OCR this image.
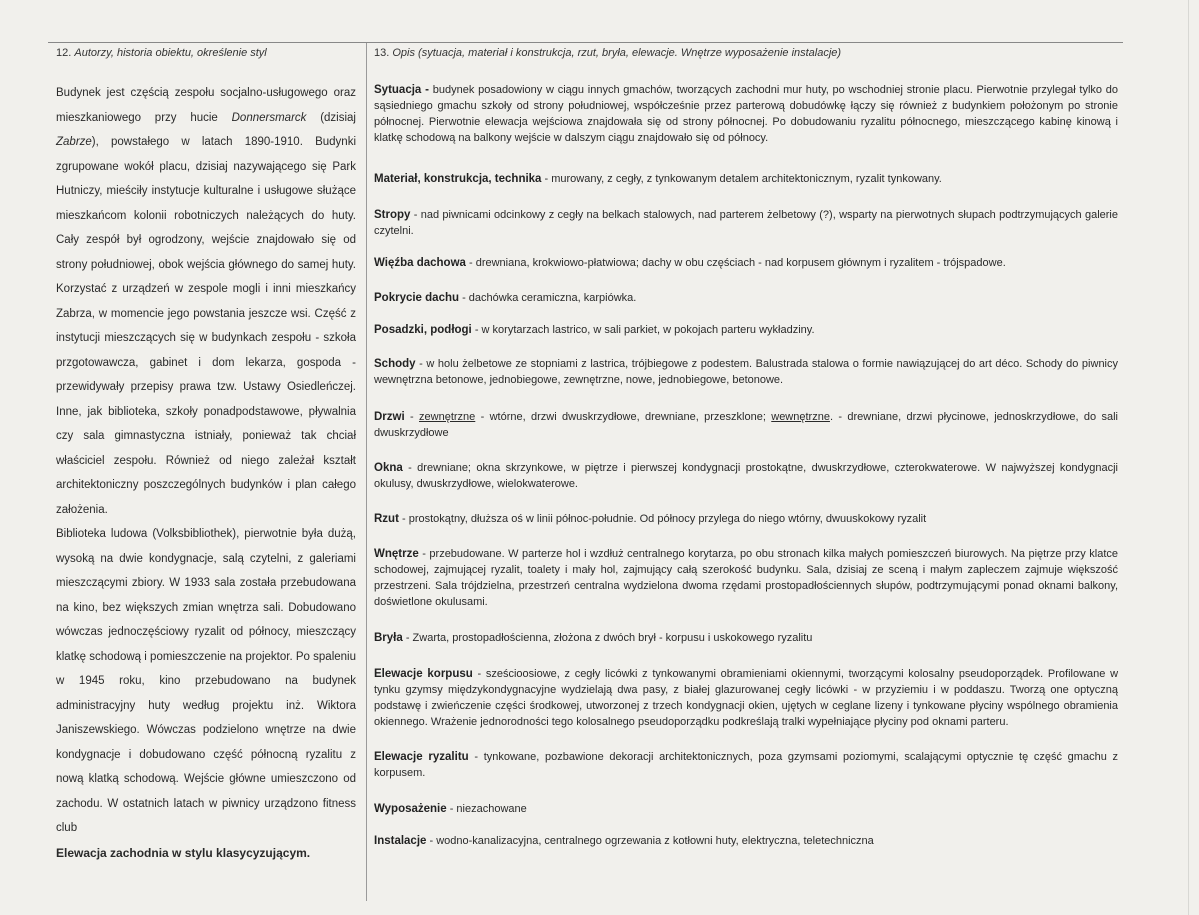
12. Autorzy, historia obiektu, określenie styl

Budynek jest częścią zespołu socjalno-usługowego oraz mieszkaniowego przy hucie Donnersmarck (dzisiaj Zabrze), powstałego w latach 1890-1910. Budynki zgrupowane wokół placu, dzisiaj nazywającego się Park Hutniczy, mieściły instytucje kulturalne i usługowe służące mieszkańcom kolonii robotniczych należących do huty. Cały zespół był ogrodzony, wejście znajdowało się od strony południowej, obok wejścia głównego do samej huty. Korzystać z urządzeń w zespole mogli i inni mieszkańcy Zabrza, w momencie jego powstania jeszcze wsi. Część z instytucji mieszczących się w budynkach zespołu - szkoła przgotowawcza, gabinet i dom lekarza, gospoda - przewidywały przepisy prawa tzw. Ustawy Osiedleńczej. Inne, jak biblioteka, szkoły ponadpodstawowe, pływalnia czy sala gimnastyczna istniały, ponieważ tak chciał właściciel zespołu. Również od niego zależał kształt architektoniczny poszczególnych budynków i plan całego założenia.

Biblioteka ludowa (Volksbibliothek), pierwotnie była dużą, wysoką na dwie kondygnacje, salą czytelni, z galeriami mieszczącymi zbiory. W 1933 sala została przebudowana na kino, bez większych zmian wnętrza sali. Dobudowano wówczas jednoczęściowy ryzalit od północy, mieszczący klatkę schodową i pomieszczenie na projektor. Po spaleniu w 1945 roku, kino przebudowano na budynek administracyjny huty według projektu inż. Wiktora Janiszewskiego. Wówczas podzielono wnętrze na dwie kondygnacje i dobudowano część północną ryzalitu z nową klatką schodową. Wejście główne umieszczono od zachodu. W ostatnich latach w piwnicy urządzono fitness club

Elewacja zachodnia w stylu klasycyzującym.
13. Opis (sytuacja, materiał i konstrukcja, rzut, bryła, elewacje. Wnętrze wyposażenie instalacje)
Sytuacja - budynek posadowiony w ciągu innych gmachów, tworzących zachodni mur huty, po wschodniej stronie placu. Pierwotnie przylegał tylko do sąsiedniego gmachu szkoły od strony południowej, współcześnie przez parterową dobudówkę łączy się również z budynkiem położonym po stronie północnej. Pierwotnie elewacja wejściowa znajdowała się od strony północnej. Po dobudowaniu ryzalitu północnego, mieszczącego kabinę kinową i klatkę schodową na balkony wejście w dalszym ciągu znajdowało się od północy.
Materiał, konstrukcja, technika - murowany, z cegły, z tynkowanym detalem architektonicznym, ryzalit tynkowany.
Stropy - nad piwnicami odcinkowy z cegły na belkach stalowych, nad parterem żelbetowy (?), wsparty na pierwotnych słupach podtrzymujących galerie czytelni.
Więźba dachowa - drewniana, krokwiowo-płatwiowa; dachy w obu częściach - nad korpusem głównym i ryzalitem - trójspadowe.
Pokrycie dachu - dachówka ceramiczna, karpiówka.
Posadzki, podłogi - w korytarzach lastrico, w sali parkiet, w pokojach parteru wykładziny.
Schody - w holu żelbetowe ze stopniami z lastrica, trójbiegowe z podestem. Balustrada stalowa o formie nawiązującej do art déco. Schody do piwnicy wewnętrzna betonowe, jednobiegowe, zewnętrzne, nowe, jednobiegowe, betonowe.
Drzwi - zewnętrzne - wtórne, drzwi dwuskrzydłowe, drewniane, przeszklone; wewnętrzne. - drewniane, drzwi płycinowe, jednoskrzydłowe, do sali dwuskrzydłowe
Okna - drewniane; okna skrzynkowe, w piętrze i pierwszej kondygnacji prostokątne, dwuskrzydłowe, czterokwaterowe. W najwyższej kondygnacji okulusy, dwuskrzydłowe, wielokwaterowe.
Rzut - prostokątny, dłuższa oś w linii północ-południe. Od północy przylega do niego wtórny, dwuuskokowy ryzalit
Wnętrze - przebudowane. W parterze hol i wzdłuż centralnego korytarza, po obu stronach kilka małych pomieszczeń biurowych. Na piętrze przy klatce schodowej, zajmującej ryzalit, toalety i mały hol, zajmujący całą szerokość budynku. Sala, dzisiaj ze sceną i małym zapleczem zajmuje większość przestrzeni. Sala trójdzielna, przestrzeń centralna wydzielona dwoma rzędami prostopadłościennych słupów, podtrzymującymi ponad oknami balkony, doświetlone okulusami.
Bryła - Zwarta, prostopadłościenna, złożona z dwóch brył - korpusu i uskokowego ryzalitu
Elewacje korpusu - sześcioosiowe, z cegły licówki z tynkowanymi obramieniami okiennymi, tworzącymi kolosalny pseudoporządek. Profilowane w tynku gzymsy międzykondygnacyjne wydzielają dwa pasy, z białej glazurowanej cegły licówki - w przyziemiu i w poddaszu. Tworzą one optyczną podstawę i zwieńczenie części środkowej, utworzonej z trzech kondygnacji okien, ujętych w ceglane lizeny i tynkowane płyciny wspólnego obramienia okiennego. Wrażenie jednorodności tego kolosalnego pseudoporządku podkreślają tralki wypełniające płyciny pod oknami parteru.
Elewacje ryzalitu - tynkowane, pozbawione dekoracji architektonicznych, poza gzymsami poziomymi, scalającymi optycznie tę część gmachu z korpusem.
Wyposażenie - niezachowane
Instalacje - wodno-kanalizacyjna, centralnego ogrzewania z kotłowni huty, elektryczna, teletechniczna
